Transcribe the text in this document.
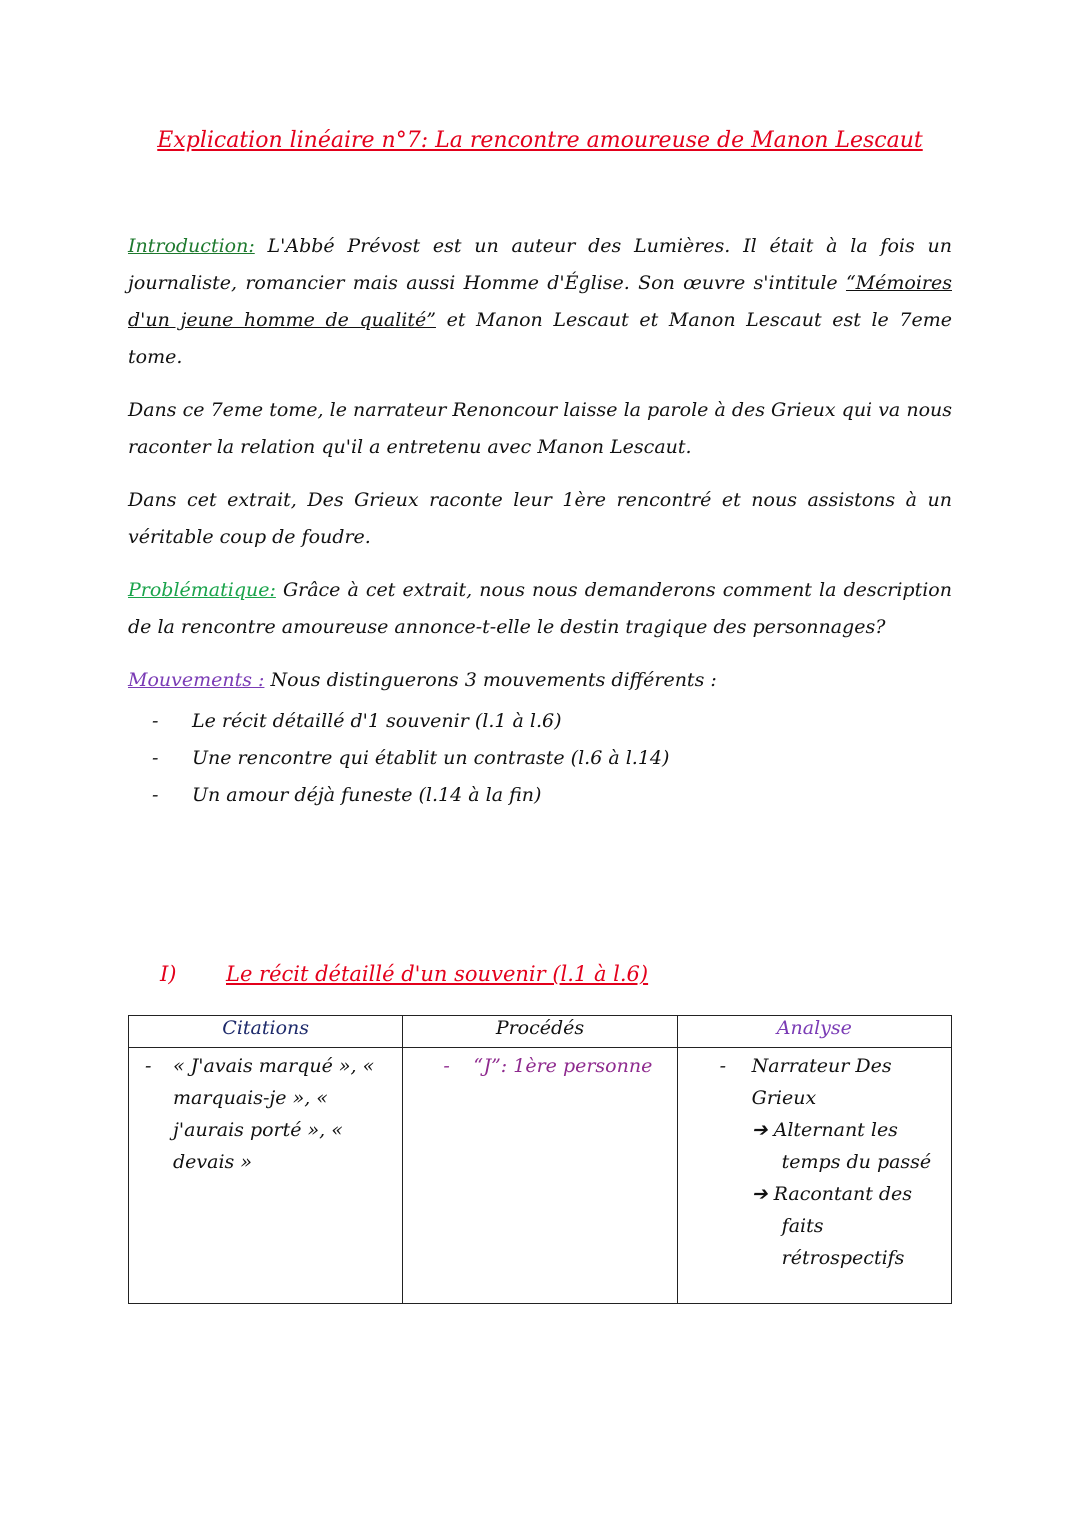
Explication linéaire n°7: La rencontre amoureuse de Manon Lescaut

Introduction: L'Abbé Prévost est un auteur des Lumières. Il était à la fois un journaliste, romancier mais aussi Homme d'Église. Son œuvre s'intitule “Mémoires d'un jeune homme de qualité” et Manon Lescaut et Manon Lescaut est le 7eme tome.

Dans ce 7eme tome, le narrateur Renoncour laisse la parole à des Grieux qui va nous raconter la relation qu'il a entretenu avec Manon Lescaut.

Dans cet extrait, Des Grieux raconte leur 1ère rencontré et nous assistons à un véritable coup de foudre.

Problématique: Grâce à cet extrait, nous nous demanderons comment la description de la rencontre amoureuse annonce-t-elle le destin tragique des personnages?

Mouvements : Nous distinguerons 3 mouvements différents :

- Le récit détaillé d'1 souvenir (l.1 à l.6)
- Une rencontre qui établit un contraste (l.6 à l.14)
- Un amour déjà funeste (l.14 à la fin)
I) Le récit détaillé d'un souvenir (l.1 à l.6)
Citations	Procédés	Analyse

- « J'avais marqué », « marquais-je », « j'aurais porté », « devais »	- “J”: 1ère personne	- Narrateur Des Grieux
➔ Alternant les temps du passé
➔ Racontant des faits rétrospectifs
